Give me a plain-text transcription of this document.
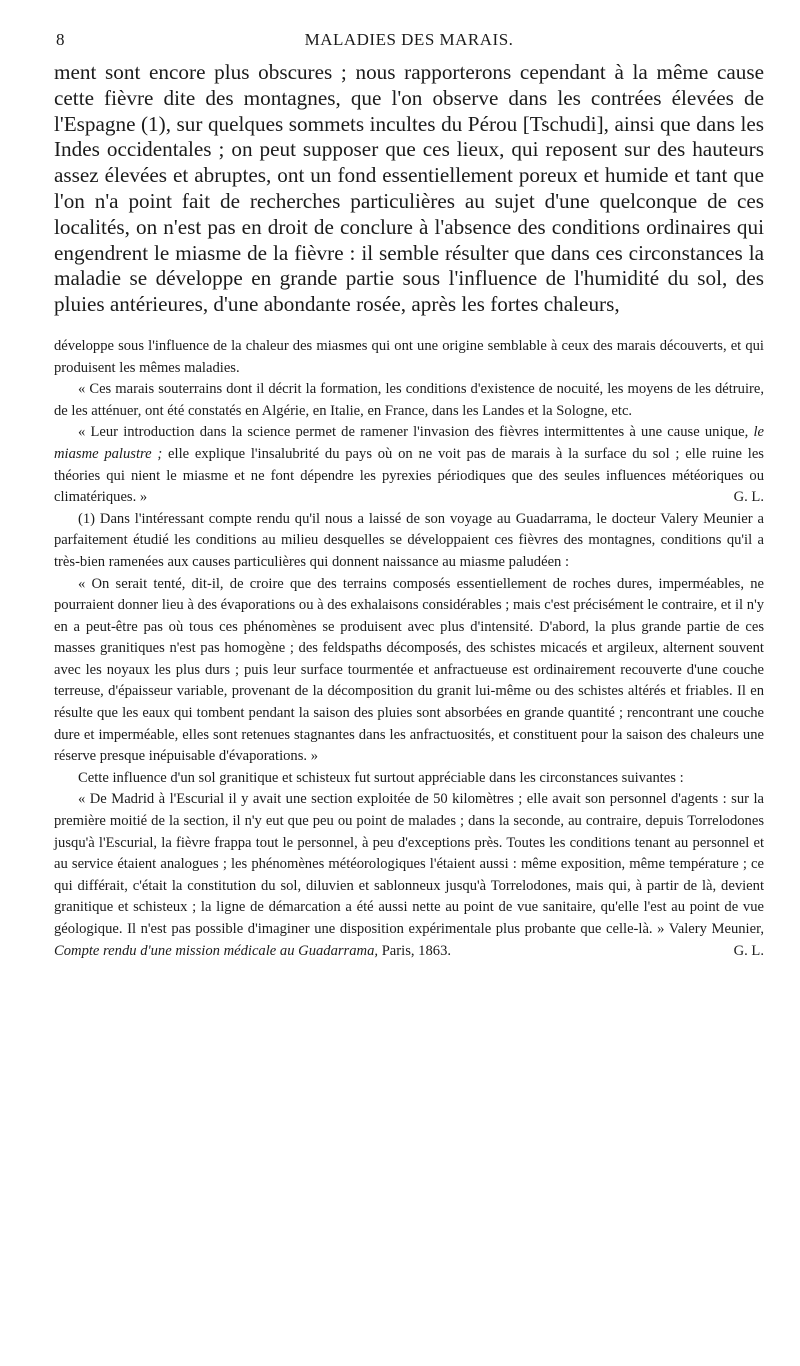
8	MALADIES DES MARAIS.

ment sont encore plus obscures ; nous rapporterons cependant à la même cause cette fièvre dite des montagnes, que l'on observe dans les contrées élevées de l'Espagne (1), sur quelques sommets incultes du Pérou [Tschudi], ainsi que dans les Indes occidentales ; on peut supposer que ces lieux, qui reposent sur des hauteurs assez élevées et abruptes, ont un fond essentiellement poreux et humide et tant que l'on n'a point fait de recherches particulières au sujet d'une quelconque de ces localités, on n'est pas en droit de conclure à l'absence des conditions ordinaires qui engendrent le miasme de la fièvre : il semble résulter que dans ces circonstances la maladie se développe en grande partie sous l'influence de l'humidité du sol, des pluies antérieures, d'une abondante rosée, après les fortes chaleurs,

développe sous l'influence de la chaleur des miasmes qui ont une origine semblable à ceux des marais découverts, et qui produisent les mêmes maladies.

« Ces marais souterrains dont il décrit la formation, les conditions d'existence de nocuité, les moyens de les détruire, de les atténuer, ont été constatés en Algérie, en Italie, en France, dans les Landes et la Sologne, etc.

« Leur introduction dans la science permet de ramener l'invasion des fièvres intermittentes à une cause unique, le miasme palustre ; elle explique l'insalubrité du pays où on ne voit pas de marais à la surface du sol ; elle ruine les théories qui nient le miasme et ne font dépendre les pyrexies périodiques que des seules influences météoriques ou climatériques. »	G. L.

(1) Dans l'intéressant compte rendu qu'il nous a laissé de son voyage au Guadarrama, le docteur Valery Meunier a parfaitement étudié les conditions au milieu desquelles se développaient ces fièvres des montagnes, conditions qu'il a très-bien ramenées aux causes particulières qui donnent naissance au miasme paludéen :

« On serait tenté, dit-il, de croire que des terrains composés essentiellement de roches dures, imperméables, ne pourraient donner lieu à des évaporations ou à des exhalaisons considérables ; mais c'est précisément le contraire, et il n'y en a peut-être pas où tous ces phénomènes se produisent avec plus d'intensité. D'abord, la plus grande partie de ces masses granitiques n'est pas homogène ; des feldspaths décomposés, des schistes micacés et argileux, alternent souvent avec les noyaux les plus durs ; puis leur surface tourmentée et anfractueuse est ordinairement recouverte d'une couche terreuse, d'épaisseur variable, provenant de la décomposition du granit lui-même ou des schistes altérés et friables. Il en résulte que les eaux qui tombent pendant la saison des pluies sont absorbées en grande quantité ; rencontrant une couche dure et imperméable, elles sont retenues stagnantes dans les anfractuosités, et constituent pour la saison des chaleurs une réserve presque inépuisable d'évaporations. »

Cette influence d'un sol granitique et schisteux fut surtout appréciable dans les circonstances suivantes :

« De Madrid à l'Escurial il y avait une section exploitée de 50 kilomètres ; elle avait son personnel d'agents : sur la première moitié de la section, il n'y eut que peu ou point de malades ; dans la seconde, au contraire, depuis Torrelodones jusqu'à l'Escurial, la fièvre frappa tout le personnel, à peu d'exceptions près. Toutes les conditions tenant au personnel et au service étaient analogues ; les phénomènes météorologiques l'étaient aussi : même exposition, même température ; ce qui différait, c'était la constitution du sol, diluvien et sablonneux jusqu'à Torrelodones, mais qui, à partir de là, devient granitique et schisteux ; la ligne de démarcation a été aussi nette au point de vue sanitaire, qu'elle l'est au point de vue géologique. Il n'est pas possible d'imaginer une disposition expérimentale plus probante que celle-là. » Valery Meunier, Compte rendu d'une mission médicale au Guadarrama, Paris, 1863.	G. L.
